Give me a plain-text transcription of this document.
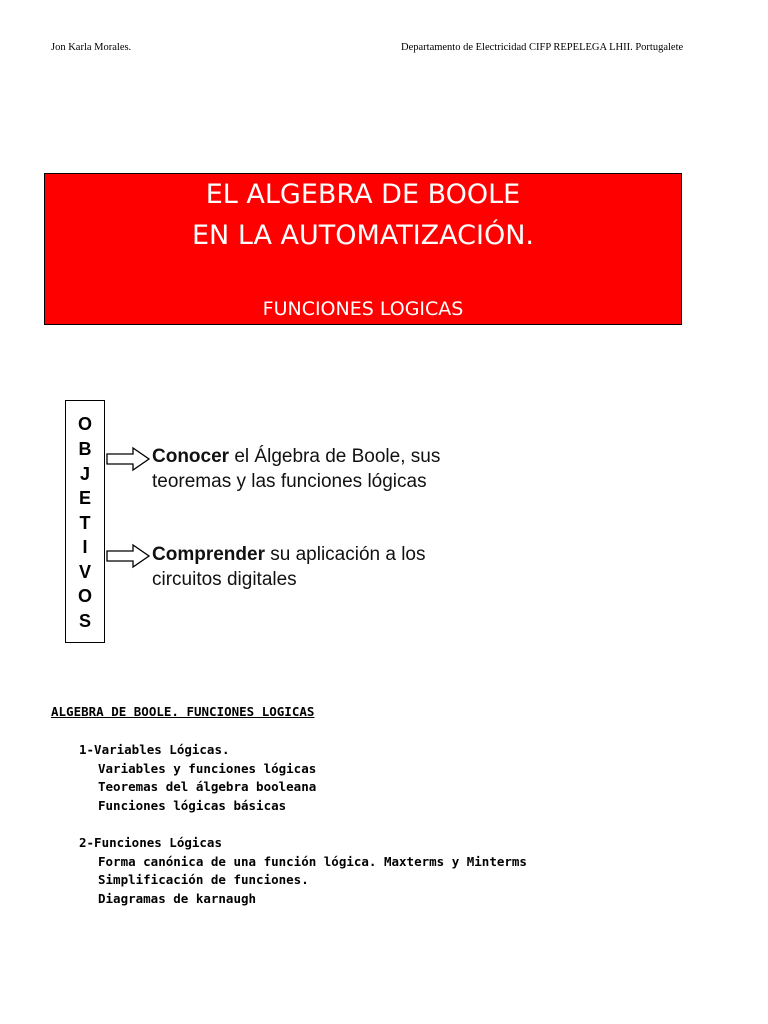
Jon Karla Morales.	Departamento de Electricidad CIFP REPELEGA LHII. Portugalete
EL ALGEBRA DE BOOLE
EN LA AUTOMATIZACIÓN.
FUNCIONES LOGICAS
O
B
J
E
T
I
V
O
S
Conocer el Álgebra de Boole, sus
teoremas y las funciones lógicas
Comprender su aplicación a los
circuitos digitales
ALGEBRA DE BOOLE. FUNCIONES LOGICAS
1-Variables Lógicas.
Variables y funciones lógicas
Teoremas del álgebra booleana
Funciones lógicas básicas
2-Funciones Lógicas
Forma canónica de una función lógica. Maxterms y Minterms
Simplificación de funciones.
Diagramas de karnaugh
